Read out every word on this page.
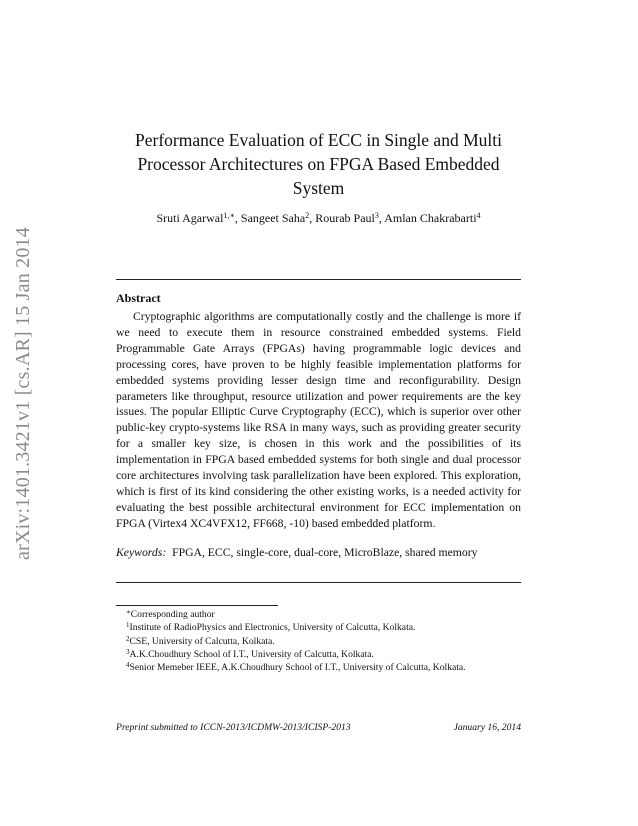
arXiv:1401.3421v1 [cs.AR] 15 Jan 2014
Performance Evaluation of ECC in Single and Multi Processor Architectures on FPGA Based Embedded System
Sruti Agarwal$^{1,∗}$, Sangeet Saha$^2$, Rourab Paul$^3$, Amlan Chakrabarti$^4$
Abstract
Cryptographic algorithms are computationally costly and the challenge is more if we need to execute them in resource constrained embedded systems. Field Programmable Gate Arrays (FPGAs) having programmable logic devices and processing cores, have proven to be highly feasible implementation platforms for embedded systems providing lesser design time and reconfigurability. Design parameters like throughput, resource utilization and power requirements are the key issues. The popular Elliptic Curve Cryptography (ECC), which is superior over other public-key crypto-systems like RSA in many ways, such as providing greater security for a smaller key size, is chosen in this work and the possibilities of its implementation in FPGA based embedded systems for both single and dual processor core architectures involving task parallelization have been explored. This exploration, which is first of its kind considering the other existing works, is a needed activity for evaluating the best possible architectural environment for ECC implementation on FPGA (Virtex4 XC4VFX12, FF668, -10) based embedded platform.
Keywords: FPGA, ECC, single-core, dual-core, MicroBlaze, shared memory
∗Corresponding author
$^1$Institute of RadioPhysics and Electronics, University of Calcutta, Kolkata.
$^2$CSE, University of Calcutta, Kolkata.
$^3$A.K.Choudhury School of I.T., University of Calcutta, Kolkata.
$^4$Senior Memeber IEEE, A.K.Choudhury School of I.T., University of Calcutta, Kolkata.
Preprint submitted to ICCN-2013/ICDMW-2013/ICISP-2013	January 16, 2014
